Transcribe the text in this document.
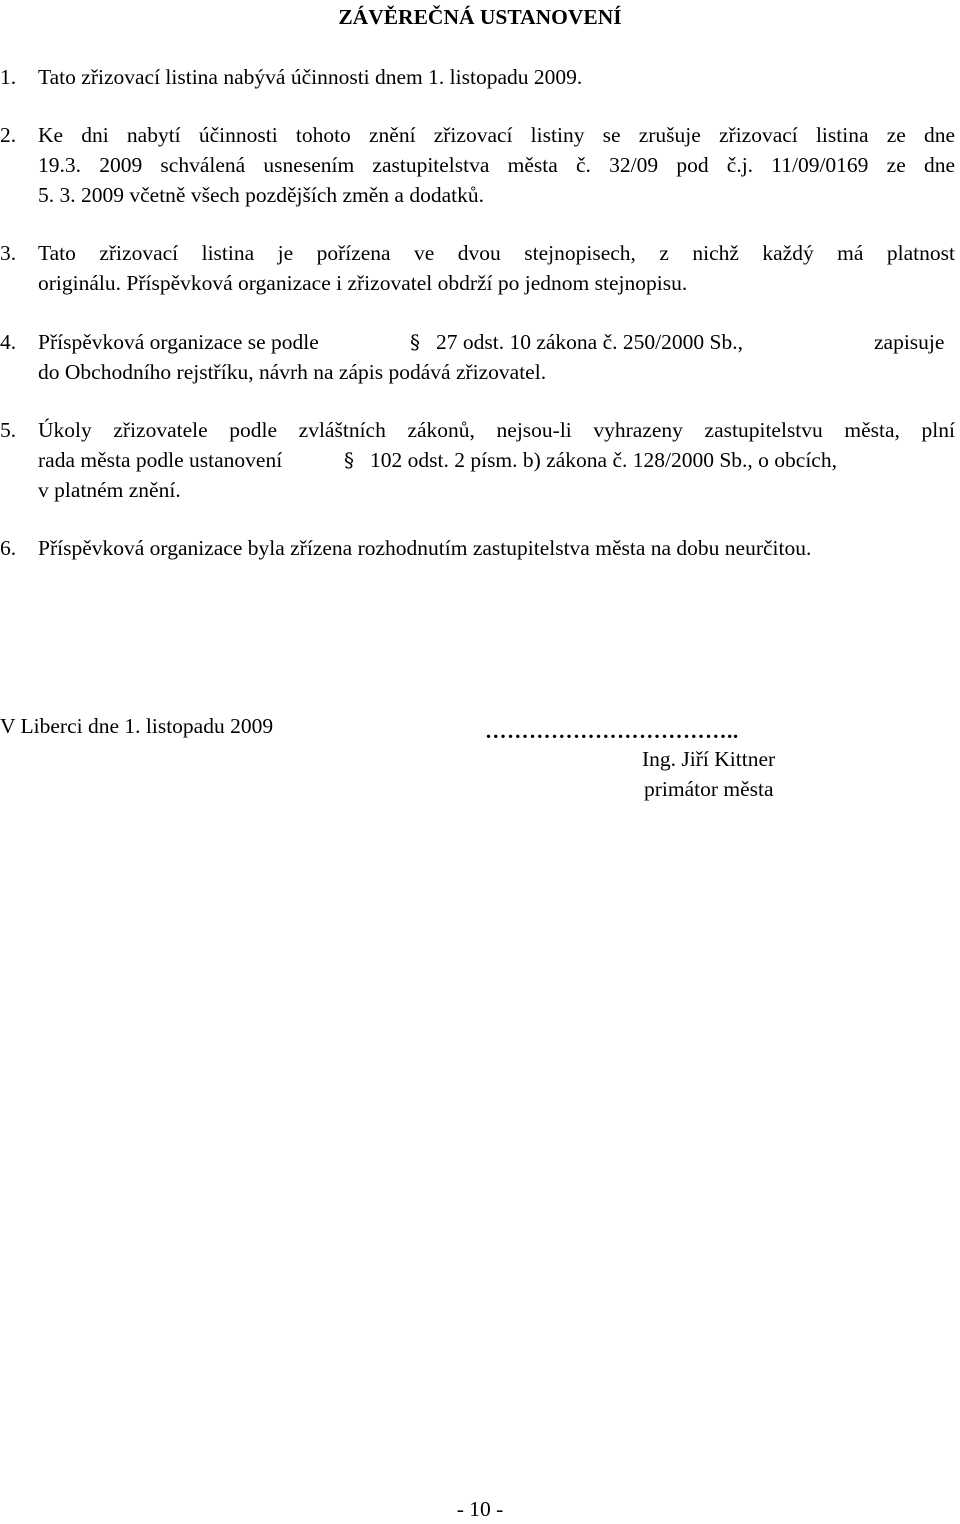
ZÁVĚREČNÁ USTANOVENÍ
1.	Tato zřizovací listina nabývá účinnosti dnem 1. listopadu 2009.
2.	Ke dni nabytí účinnosti tohoto znění zřizovací listiny se zrušuje zřizovací listina ze dne
19.3. 2009 schválená usnesením zastupitelstva města č. 32/09 pod č.j. 11/09/0169 ze dne
5. 3. 2009 včetně všech pozdějších změn a dodatků.
3.	Tato zřizovací listina je pořízena ve dvou stejnopisech, z nichž každý má platnost
originálu. Příspěvková organizace i zřizovatel obdrží po jednom stejnopisu.
4.	Příspěvková organizace se podle	§ 27 odst. 10 zákona č. 250/2000 Sb.,	zapisuje
do Obchodního rejstříku, návrh na zápis podává zřizovatel.
5.	Úkoly zřizovatele podle zvláštních zákonů, nejsou-li vyhrazeny zastupitelstvu města, plní
rada města podle ustanovení	§ 102 odst. 2 písm. b) zákona č. 128/2000 Sb., o obcích,
v platném znění.
6.	Příspěvková organizace byla zřízena rozhodnutím zastupitelstva města na dobu neurčitou.
V Liberci dne 1. listopadu 2009	……………………………..
Ing. Jiří Kittner
primátor města
- 10 -
